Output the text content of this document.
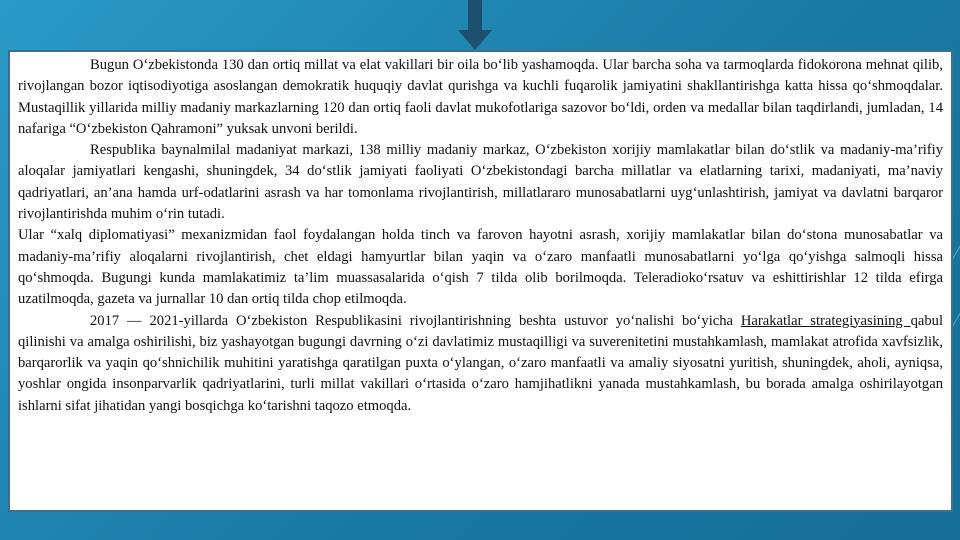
Bugun O‘zbekistonda 130 dan ortiq millat va elat vakillari bir oila bo‘lib yashamoqda. Ular barcha soha va tarmoqlarda fidokorona mehnat qilib, rivojlangan bozor iqtisodiyotiga asoslangan demokratik huquqiy davlat qurishga va kuchli fuqarolik jamiyatini shakllantirishga katta hissa qo‘shmoqdalar. Mustaqillik yillarida milliy madaniy markazlarning 120 dan ortiq faoli davlat mukofotlariga sazovor bo‘ldi, orden va medallar bilan taqdirlandi, jumladan, 14 nafariga “O‘zbekiston Qahramoni” yuksak unvoni berildi.

Respublika baynalmilal madaniyat markazi, 138 milliy madaniy markaz, O‘zbekiston xorijiy mamlakatlar bilan do‘stlik va madaniy-ma’rifiy aloqalar jamiyatlari kengashi, shuningdek, 34 do‘stlik jamiyati faoliyati O‘zbekistondagi barcha millatlar va elatlarning tarixi, madaniyati, ma’naviy qadriyatlari, an’ana hamda urf-odatlarini asrash va har tomonlama rivojlantirish, millatlararo munosabatlarni uyg‘unlashtirish, jamiyat va davlatni barqaror rivojlantirishda muhim o‘rin tutadi.

Ular “xalq diplomatiyasi” mexanizmidan faol foydalangan holda tinch va farovon hayotni asrash, xorijiy mamlakatlar bilan do‘stona munosabatlar va madaniy-ma’rifiy aloqalarni rivojlantirish, chet eldagi hamyurtlar bilan yaqin va o‘zaro manfaatli munosabatlarni yo‘lga qo‘yishga salmoqli hissa qo‘shmoqda. Bugungi kunda mamlakatimiz ta’lim muassasalarida o‘qish 7 tilda olib borilmoqda. Teleradioko‘rsatuv va eshittirishlar 12 tilda efirga uzatilmoqda, gazeta va jurnallar 10 dan ortiq tilda chop etilmoqda.

2017 — 2021-yillarda O‘zbekiston Respublikasini rivojlantirishning beshta ustuvor yo‘nalishi bo‘yicha Harakatlar strategiyasining qabul qilinishi va amalga oshirilishi, biz yashayotgan bugungi davrning o‘zi davlatimiz mustaqilligi va suverenitetini mustahkamlash, mamlakat atrofida xavfsizlik, barqarorlik va yaqin qo‘shnichilik muhitini yaratishga qaratilgan puxta o‘ylangan, o‘zaro manfaatli va amaliy siyosatni yuritish, shuningdek, aholi, ayniqsa, yoshlar ongida insonparvarlik qadriyatlarini, turli millat vakillari o‘rtasida o‘zaro hamjihatlikni yanada mustahkamlash, bu borada amalga oshirilayotgan ishlarni sifat jihatidan yangi bosqichga ko‘tarishni taqozo etmoqda.
